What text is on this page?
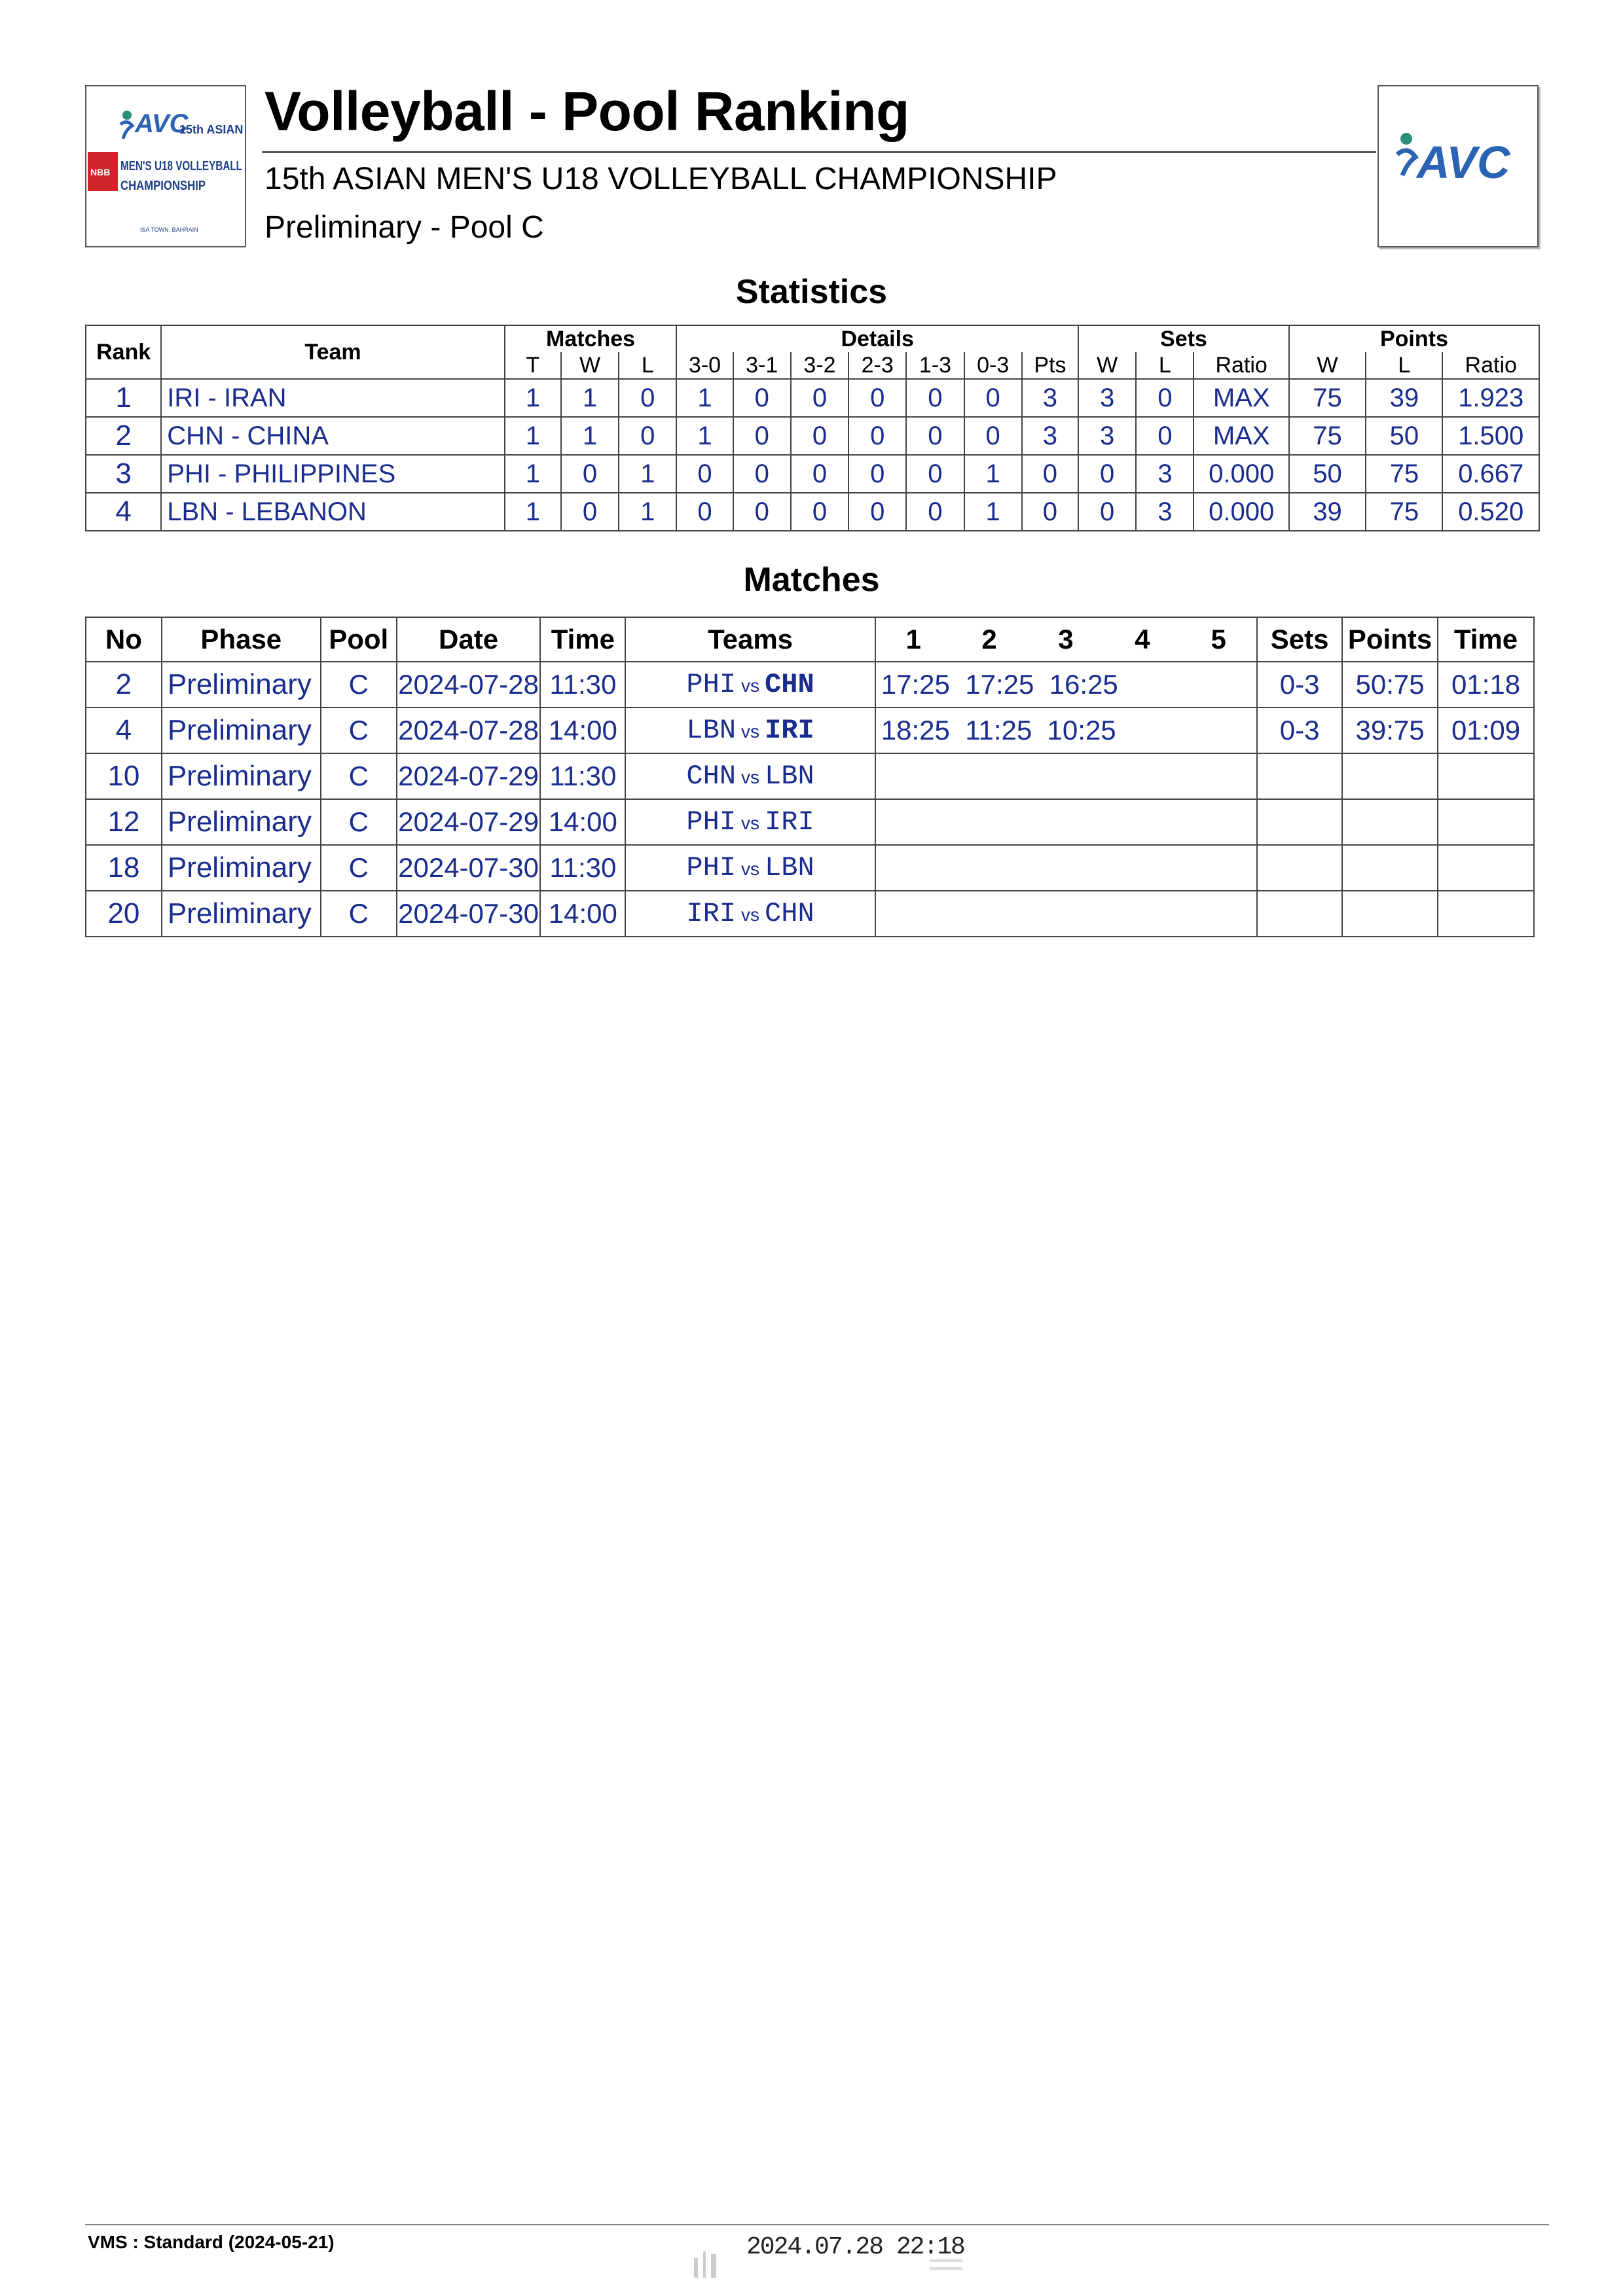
AVC
15th ASIAN
NBB MEN'S U18 VOLLEYBALL
CHAMPIONSHIP
ISA TOWN, BAHRAIN
Volleyball - Pool Ranking
15th ASIAN MEN'S U18 VOLLEYBALL CHAMPIONSHIP
Preliminary - Pool C
AVC
Statistics
Rank	Team	Matches			Details							Sets			Points		
		T	W	L	3-0	3-1	3-2	2-3	1-3	0-3	Pts	W	L	Ratio	W	L	Ratio
1	IRI - IRAN	1	1	0	1	0	0	0	0	0	3	3	0	MAX	75	39	1.923
2	CHN - CHINA	1	1	0	1	0	0	0	0	0	3	3	0	MAX	75	50	1.500
3	PHI - PHILIPPINES	1	0	1	0	0	0	0	0	1	0	0	3	0.000	50	75	0.667
4	LBN - LEBANON	1	0	1	0	0	0	0	0	1	0	0	3	0.000	39	75	0.520
Matches
No	Phase	Pool	Date	Time	Teams	1	2	3	4	5	Sets	Points	Time
2	Preliminary	C	2024-07-28	11:30	PHI vs CHN	17:25  17:25  16:25					0-3	50:75	01:18
4	Preliminary	C	2024-07-28	14:00	LBN vs IRI	18:25  11:25  10:25					0-3	39:75	01:09
10	Preliminary	C	2024-07-29	11:30	CHN vs LBN								
12	Preliminary	C	2024-07-29	14:00	PHI vs IRI								
18	Preliminary	C	2024-07-30	11:30	PHI vs LBN								
20	Preliminary	C	2024-07-30	14:00	IRI vs CHN								
VMS : Standard (2024-05-21)	2024.07.28 22:18
